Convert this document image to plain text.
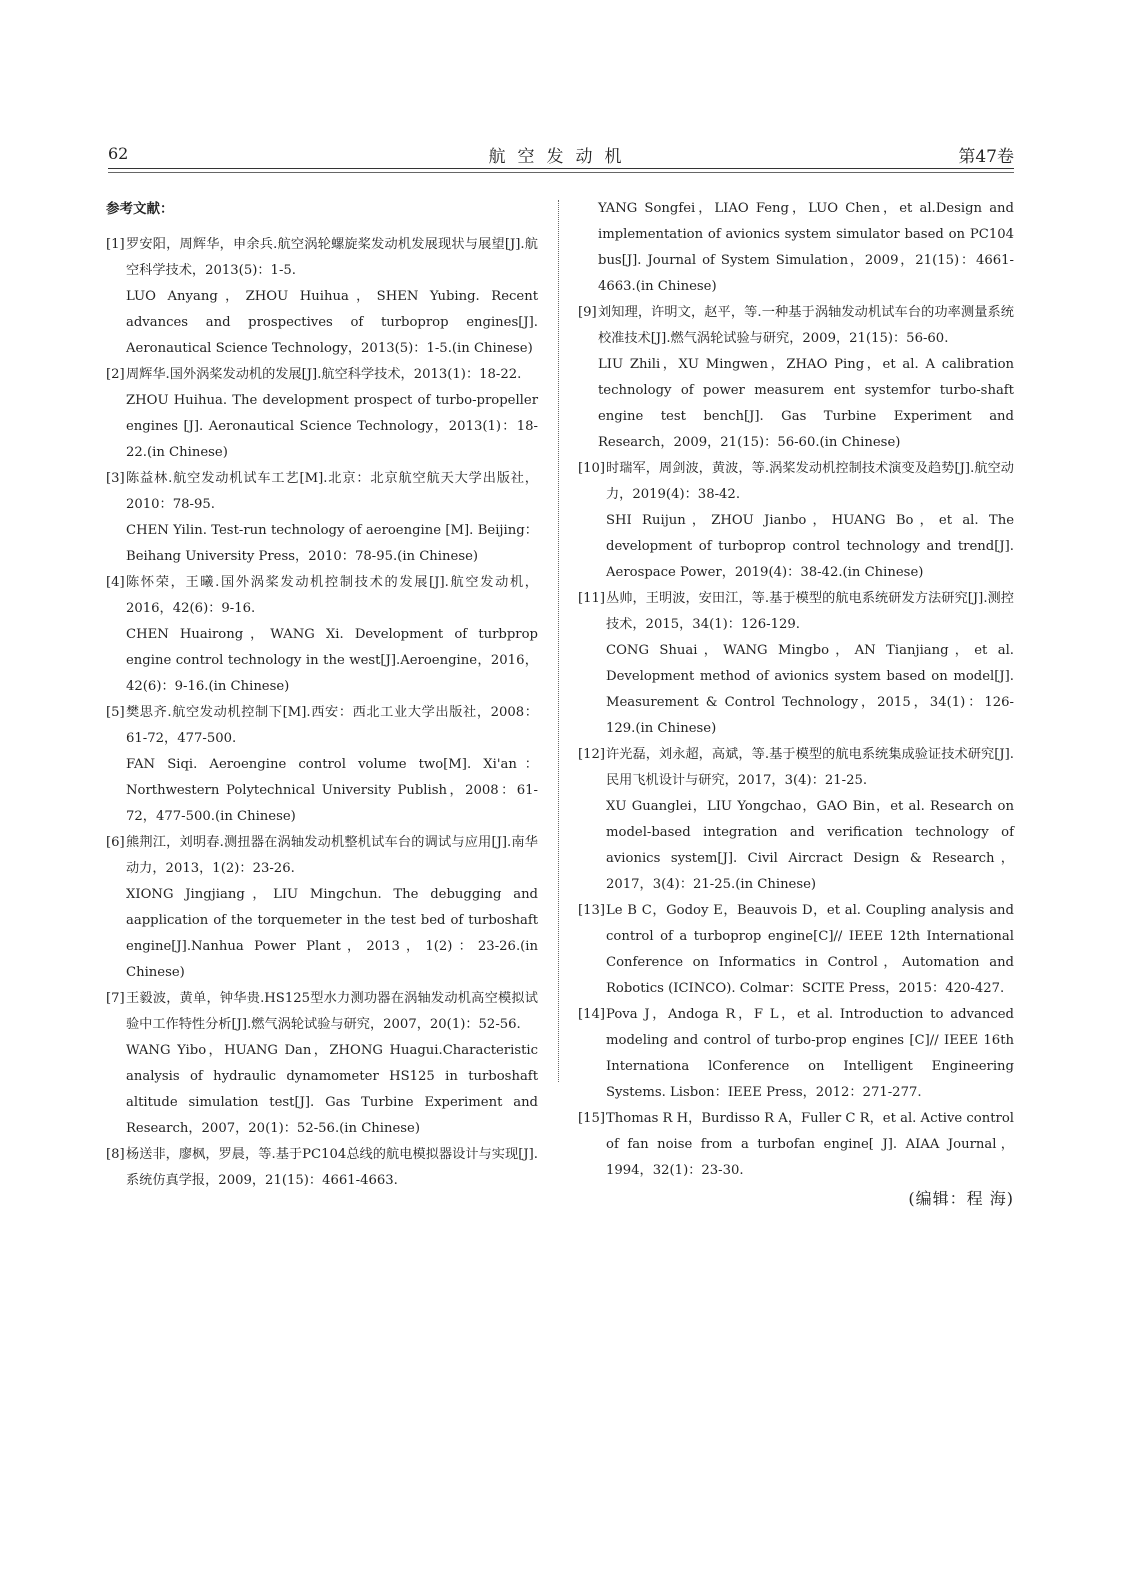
62	航空发动机	第47卷
参考文献：
[1] 罗安阳，周辉华，申余兵.航空涡轮螺旋桨发动机发展现状与展望[J].航空科学技术，2013(5)：1-5.
LUO Anyang，ZHOU Huihua，SHEN Yubing. Recent advances and prospectives of turboprop engines[J]. Aeronautical Science Technology，2013(5)：1-5.(in Chinese)
[2] 周辉华.国外涡桨发动机的发展[J].航空科学技术，2013(1)：18-22.
ZHOU Huihua. The development prospect of turbo-propeller engines [J]. Aeronautical Science Technology，2013(1)：18-22.(in Chinese)
[3] 陈益林.航空发动机试车工艺[M].北京：北京航空航天大学出版社，2010：78-95.
CHEN Yilin. Test-run technology of aeroengine [M]. Beijing：Beihang University Press，2010：78-95.(in Chinese)
[4] 陈怀荣，王曦.国外涡桨发动机控制技术的发展[J].航空发动机，2016，42(6)：9-16.
CHEN Huairong，WANG Xi. Development of turbprop engine control technology in the west[J].Aeroengine，2016，42(6)：9-16.(in Chinese)
[5] 樊思齐.航空发动机控制下[M].西安：西北工业大学出版社，2008：61-72，477-500.
FAN Siqi. Aeroengine control volume two[M]. Xi'an：Northwestern Polytechnical University Publish，2008：61-72，477-500.(in Chinese)
[6] 熊荆江，刘明春.测扭器在涡轴发动机整机试车台的调试与应用[J].南华动力，2013，1(2)：23-26.
XIONG Jingjiang，LIU Mingchun. The debugging and aapplication of the torquemeter in the test bed of turboshaft engine[J].Nanhua Power Plant，2013，1(2)：23-26.(in Chinese)
[7] 王毅波，黄单，钟华贵.HS125型水力测功器在涡轴发动机高空模拟试验中工作特性分析[J].燃气涡轮试验与研究，2007，20(1)：52-56.
WANG Yibo，HUANG Dan，ZHONG Huagui.Characteristic analysis of hydraulic dynamometer HS125 in turboshaft altitude simulation test[J]. Gas Turbine Experiment and Research，2007，20(1)：52-56.(in Chinese)
[8] 杨送非，廖枫，罗晨，等.基于PC104总线的航电模拟器设计与实现[J].系统仿真学报，2009，21(15)：4661-4663.
YANG Songfei，LIAO Feng，LUO Chen，et al.Design and implementation of avionics system simulator based on PC104 bus[J]. Journal of System Simulation，2009，21(15)：4661-4663.(in Chinese)
[9] 刘知理，许明文，赵平，等.一种基于涡轴发动机试车台的功率测量系统校准技术[J].燃气涡轮试验与研究，2009，21(15)：56-60.
LIU Zhili，XU Mingwen，ZHAO Ping，et al. A calibration technology of power measurem ent systemfor turbo-shaft engine test bench[J]. Gas Turbine Experiment and Research，2009，21(15)：56-60.(in Chinese)
[10] 时瑞军，周剑波，黄波，等.涡桨发动机控制技术演变及趋势[J].航空动力，2019(4)：38-42.
SHI Ruijun，ZHOU Jianbo，HUANG Bo，et al. The development of turboprop control technology and trend[J]. Aerospace Power，2019(4)：38-42.(in Chinese)
[11] 丛帅，王明波，安田江，等.基于模型的航电系统研发方法研究[J].测控技术，2015，34(1)：126-129.
CONG Shuai，WANG Mingbo，AN Tianjiang，et al. Development method of avionics system based on model[J]. Measurement & Control Technology，2015，34(1)：126-129.(in Chinese)
[12] 许光磊，刘永超，高斌，等.基于模型的航电系统集成验证技术研究[J].民用飞机设计与研究，2017，3(4)：21-25.
XU Guanglei，LIU Yongchao，GAO Bin，et al. Research on model-based integration and verification technology of avionics system[J]. Civil Aircract Design & Research，2017，3(4)：21-25.(in Chinese)
[13] Le B C，Godoy E，Beauvois D，et al. Coupling analysis and control of a turboprop engine[C]// IEEE 12th International Conference on Informatics in Control，Automation and Robotics (ICINCO). Colmar：SCITE Press，2015：420-427.
[14] Pova J，Andoga R，F L，et al. Introduction to advanced modeling and control of turbo-prop engines [C]// IEEE 16th Internationa lConference on Intelligent Engineering Systems. Lisbon：IEEE Press，2012：271-277.
[15] Thomas R H，Burdisso R A，Fuller C R，et al. Active control of fan noise from a turbofan engine[ J]. AIAA Journal，1994，32(1)：23-30.
(编辑：程 海)
